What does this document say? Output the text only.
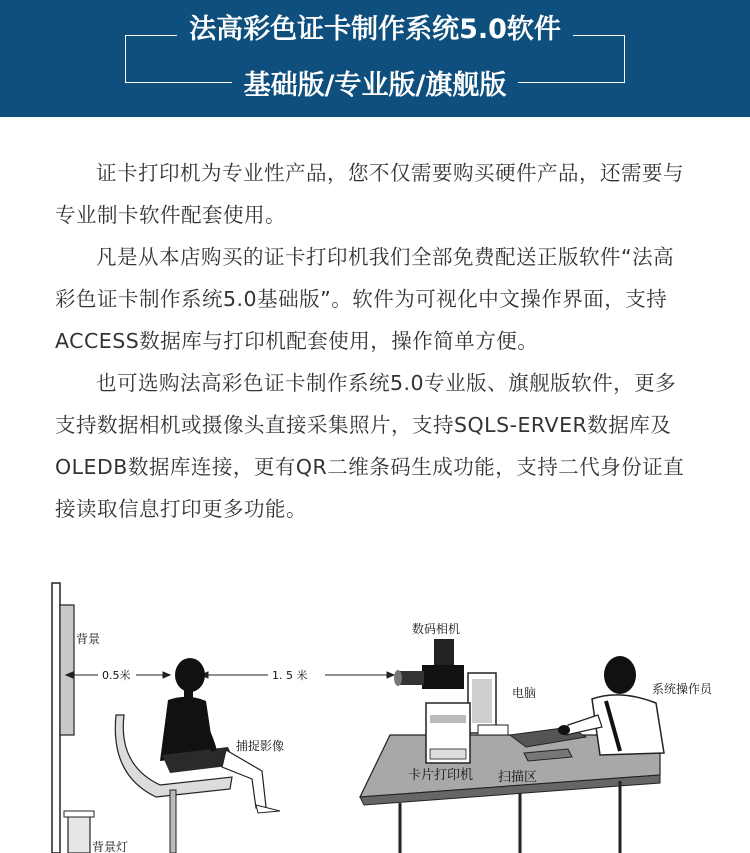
法高彩色证卡制作系统5.0软件
基础版/专业版/旗舰版

证卡打印机为专业性产品，您不仅需要购买硬件产品，还需要与专业制卡软件配套使用。

凡是从本店购买的证卡打印机我们全部免费配送正版软件“法高彩色证卡制作系统5.0基础版”。软件为可视化中文操作界面，支持ACCESS数据库与打印机配套使用，操作简单方便。

也可选购法高彩色证卡制作系统5.0专业版、旗舰版软件，更多支持数据相机或摄像头直接采集照片，支持SQLS-ERVER数据库及OLEDB数据库连接，更有QR二维条码生成功能，支持二代身份证直接读取信息打印更多功能。

背景
0.5米	1. 5 米
捕捉影像
背景灯
数码相机
电脑
卡片打印机 扫描区
系统操作员
